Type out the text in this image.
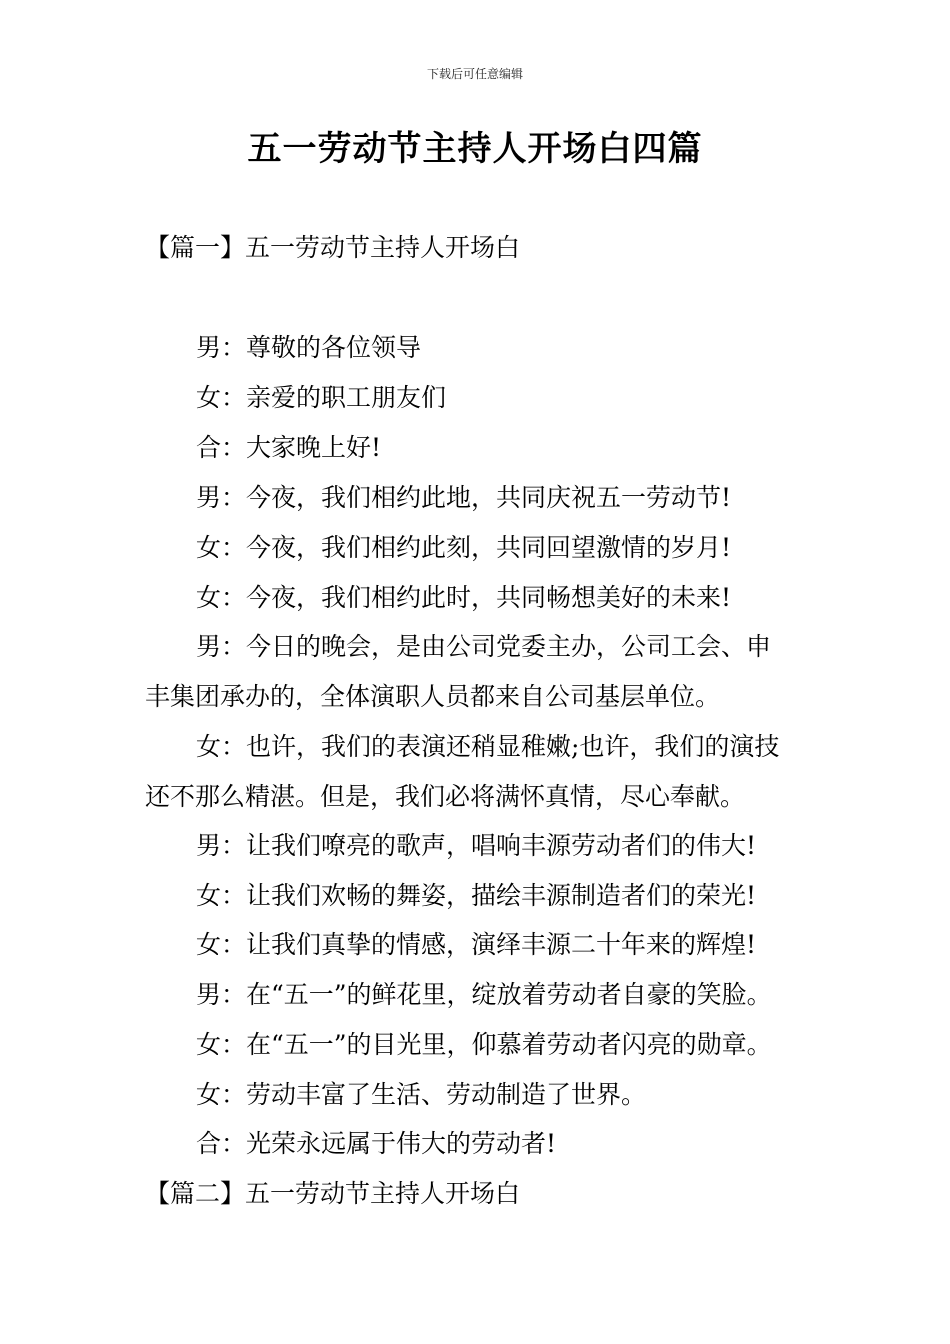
下载后可任意编辑
五一劳动节主持人开场白四篇
【篇一】五一劳动节主持人开场白

男：尊敬的各位领导

女：亲爱的职工朋友们

合：大家晚上好!

男：今夜，我们相约此地，共同庆祝五一劳动节!

女：今夜，我们相约此刻，共同回望激情的岁月!

女：今夜，我们相约此时，共同畅想美好的未来!

男：今日的晚会，是由公司党委主办，公司工会、申

丰集团承办的，全体演职人员都来自公司基层单位。

女：也许，我们的表演还稍显稚嫩;也许，我们的演技

还不那么精湛。但是，我们必将满怀真情，尽心奉献。

男：让我们嘹亮的歌声，唱响丰源劳动者们的伟大!

女：让我们欢畅的舞姿，描绘丰源制造者们的荣光!

女：让我们真挚的情感，演绎丰源二十年来的辉煌!

男：在“五一”的鲜花里，绽放着劳动者自豪的笑脸。

女：在“五一”的目光里，仰慕着劳动者闪亮的勋章。

女：劳动丰富了生活、劳动制造了世界。

合：光荣永远属于伟大的劳动者!

【篇二】五一劳动节主持人开场白
